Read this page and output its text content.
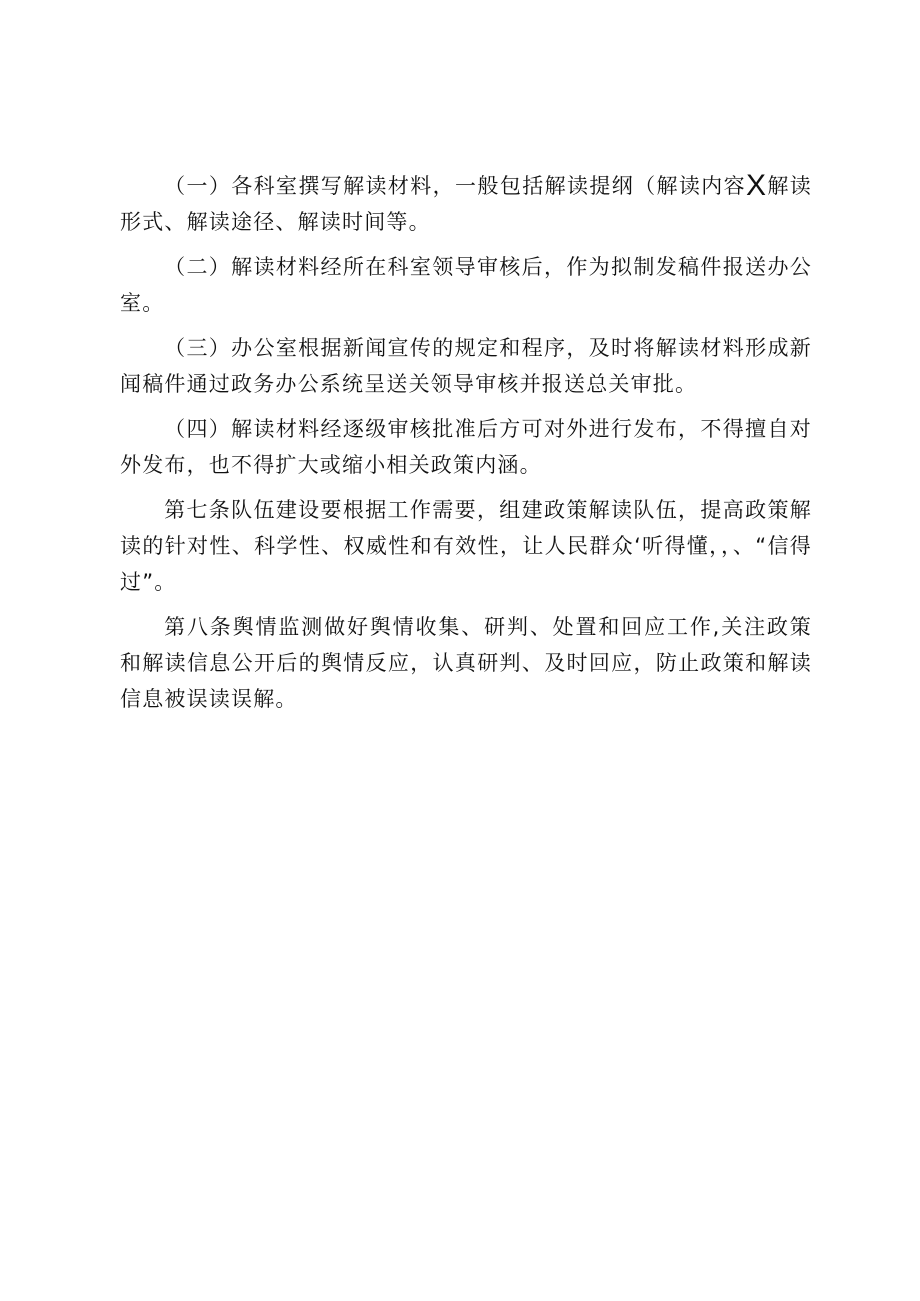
（一）各科室撰写解读材料，一般包括解读提纲（解读内容X解读形式、解读途径、解读时间等。

（二）解读材料经所在科室领导审核后，作为拟制发稿件报送办公室。

（三）办公室根据新闻宣传的规定和程序，及时将解读材料形成新闻稿件通过政务办公系统呈送关领导审核并报送总关审批。

（四）解读材料经逐级审核批准后方可对外进行发布，不得擅自对外发布，也不得扩大或缩小相关政策内涵。

第七条队伍建设要根据工作需要，组建政策解读队伍，提高政策解读的针对性、科学性、权威性和有效性，让人民群众‘听得懂，，、“信得过”。

第八条舆情监测做好舆情收集、研判、处置和回应工作,关注政策和解读信息公开后的舆情反应，认真研判、及时回应，防止政策和解读信息被误读误解。
